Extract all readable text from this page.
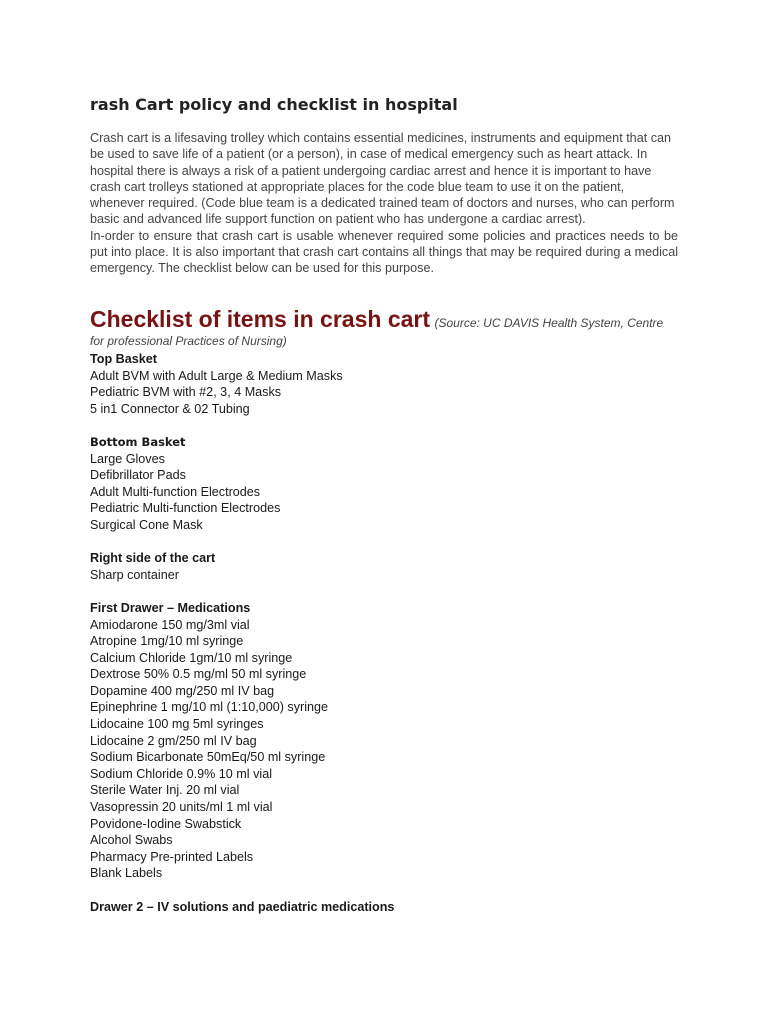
rash Cart policy and checklist in hospital

Crash cart is a lifesaving trolley which contains essential medicines, instruments and equipment that can be used to save life of a patient (or a person), in case of medical emergency such as heart attack. In hospital there is always a risk of a patient undergoing cardiac arrest and hence it is important to have crash cart trolleys stationed at appropriate places for the code blue team to use it on the patient, whenever required. (Code blue team is a dedicated trained team of doctors and nurses, who can perform basic and advanced life support function on patient who has undergone a cardiac arrest).

In-order to ensure that crash cart is usable whenever required some policies and practices needs to be put into place. It is also important that crash cart contains all things that may be required during a medical emergency. The checklist below can be used for this purpose.

Checklist of items in crash cart (Source: UC DAVIS Health System, Centre for professional Practices of Nursing)

Top Basket

Adult BVM with Adult Large & Medium Masks

Pediatric BVM with #2, 3, 4 Masks

5 in1 Connector & 02 Tubing

Bottom Basket

Large Gloves

Defibrillator Pads

Adult Multi-function Electrodes

Pediatric Multi-function Electrodes

Surgical Cone Mask

Right side of the cart

Sharp container

First Drawer – Medications

Amiodarone 150 mg/3ml vial

Atropine 1mg/10 ml syringe

Calcium Chloride 1gm/10 ml syringe

Dextrose 50% 0.5 mg/ml 50 ml syringe

Dopamine 400 mg/250 ml IV bag

Epinephrine 1 mg/10 ml (1:10,000) syringe

Lidocaine 100 mg 5ml syringes

Lidocaine 2 gm/250 ml IV bag

Sodium Bicarbonate 50mEq/50 ml syringe

Sodium Chloride 0.9% 10 ml vial

Sterile Water Inj. 20 ml vial

Vasopressin 20 units/ml 1 ml vial

Povidone-Iodine Swabstick

Alcohol Swabs

Pharmacy Pre-printed Labels

Blank Labels

Drawer 2 – IV solutions and paediatric medications
